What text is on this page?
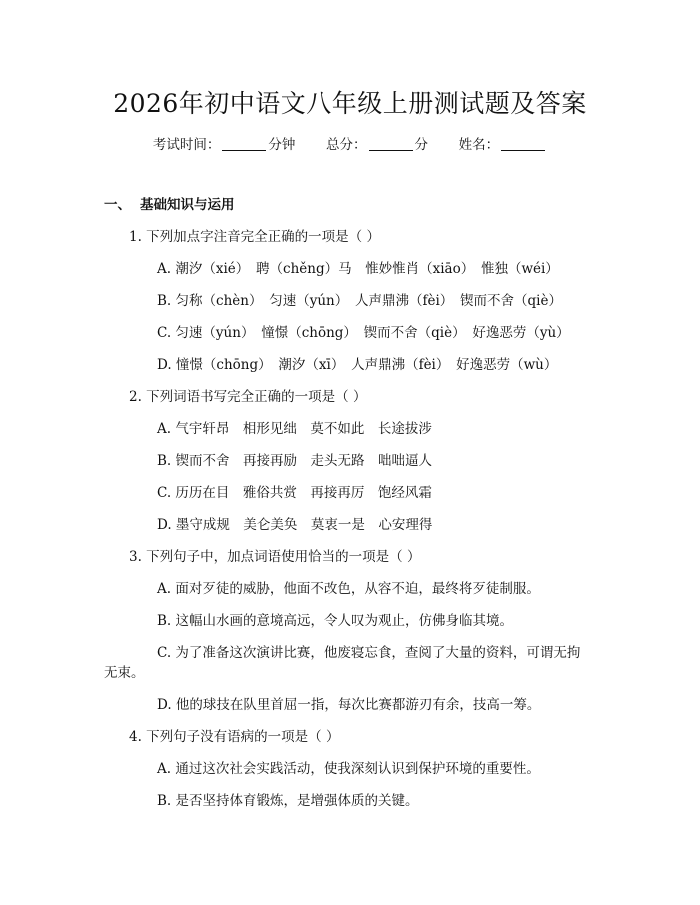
2026年初中语文八年级上册测试题及答案
考试时间：	分钟 总分：	分 姓名：
一、 基础知识与运用
1. 下列加点字注音完全正确的一项是（ ）
A. 潮汐（xié）　聘（chěng）马　惟妙惟肖（xiāo）　惟独（wéi）
B. 匀称（chèn）　匀速（yún）　人声鼎沸（fèi）　锲而不舍（qiè）
C. 匀速（yún）　憧憬（chōng）　锲而不舍（qiè）　好逸恶劳（yù）
D. 憧憬（chōng）　潮汐（xī）　人声鼎沸（fèi）　好逸恶劳（wù）
2. 下列词语书写完全正确的一项是（ ）
A. 气宇轩昂　相形见绌　莫不如此　长途拔涉
B. 锲而不舍　再接再励　走头无路　咄咄逼人
C. 历历在目　雅俗共赏　再接再厉　饱经风霜
D. 墨守成规　美仑美奂　莫衷一是　心安理得
3. 下列句子中，加点词语使用恰当的一项是（ ）
A. 面对歹徒的威胁，他面不改色，从容不迫，最终将歹徒制服。
B. 这幅山水画的意境高远，令人叹为观止，仿佛身临其境。
C. 为了准备这次演讲比赛，他废寝忘食，查阅了大量的资料，可谓无拘
无束。
D. 他的球技在队里首屈一指，每次比赛都游刃有余，技高一筹。
4. 下列句子没有语病的一项是（ ）
A. 通过这次社会实践活动，使我深刻认识到保护环境的重要性。
B. 是否坚持体育锻炼，是增强体质的关键。
